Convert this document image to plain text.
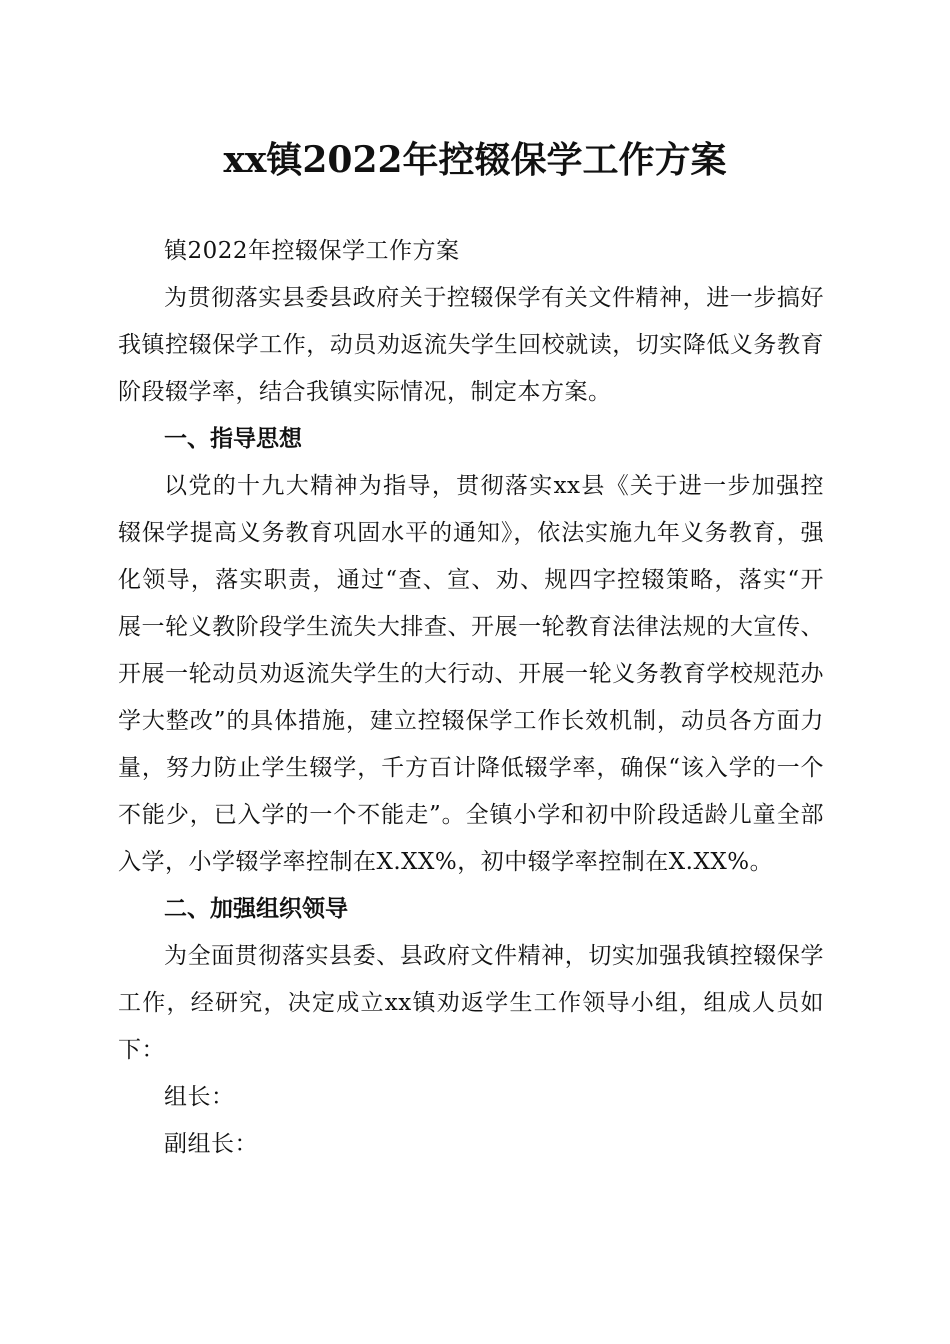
xx镇2022年控辍保学工作方案

镇2022年控辍保学工作方案

为贯彻落实县委县政府关于控辍保学有关文件精神，进一步搞好我镇控辍保学工作，动员劝返流失学生回校就读，切实降低义务教育阶段辍学率，结合我镇实际情况，制定本方案。

一、指导思想

以党的十九大精神为指导，贯彻落实xx县《关于进一步加强控辍保学提高义务教育巩固水平的通知》，依法实施九年义务教育，强化领导，落实职责，通过“查、宣、劝、规四字控辍策略，落实“开展一轮义教阶段学生流失大排查、开展一轮教育法律法规的大宣传、开展一轮动员劝返流失学生的大行动、开展一轮义务教育学校规范办学大整改”的具体措施，建立控辍保学工作长效机制，动员各方面力量，努力防止学生辍学，千方百计降低辍学率，确保“该入学的一个不能少，已入学的一个不能走”。全镇小学和初中阶段适龄儿童全部入学，小学辍学率控制在X.XX%，初中辍学率控制在X.XX%。

二、加强组织领导

为全面贯彻落实县委、县政府文件精神，切实加强我镇控辍保学工作，经研究，决定成立xx镇劝返学生工作领导小组，组成人员如下：

组长：

副组长：
